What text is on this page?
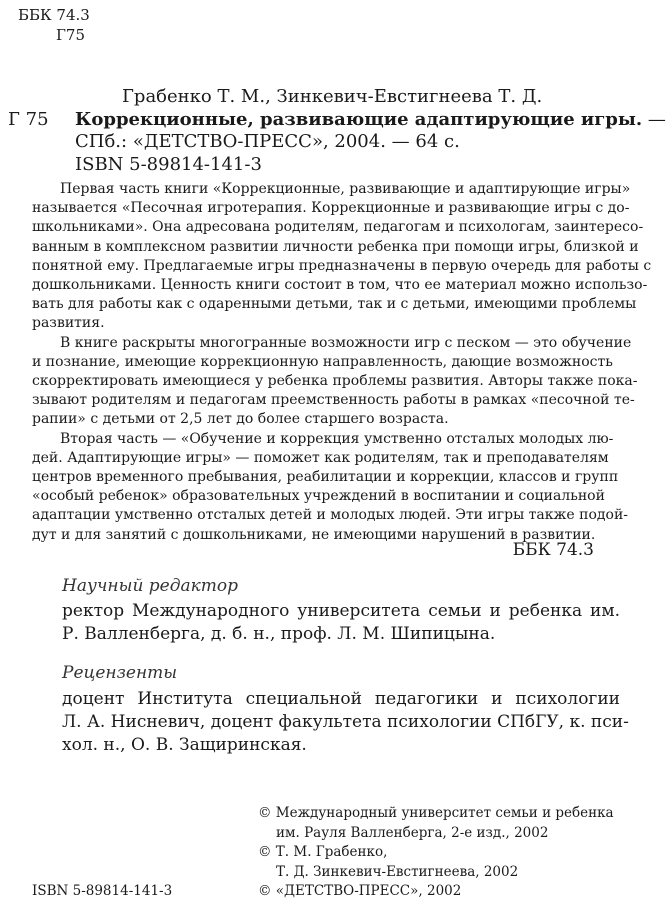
ББК 74.3
Г75
Грабенко Т. М., Зинкевич-Евстигнеева Т. Д.
Г 75 Коррекционные, развивающие адаптирующие игры. —
СПб.: «ДЕТСТВО-ПРЕСС», 2004. — 64 с.
ISBN 5-89814-141-3

Первая часть книги «Коррекционные, развивающие и адаптирующие игры»

называется «Песочная игротерапия. Коррекционные и развивающие игры с до-
школьниками». Она адресована родителям, педагогам и психологам, заинтересо-
ванным в комплексном развитии личности ребенка при помощи игры, близкой и
понятной ему. Предлагаемые игры предназначены в первую очередь для работы с
дошкольниками. Ценность книги состоит в том, что ее материал можно использо-
вать для работы как с одаренными детьми, так и с детьми, имеющими проблемы
развития.

В книге раскрыты многогранные возможности игр с песком — это обучение

и познание, имеющие коррекционную направленность, дающие возможность
скорректировать имеющиеся у ребенка проблемы развития. Авторы также пока-
зывают родителям и педагогам преемственность работы в рамках «песочной те-
рапии» с детьми от 2,5 лет до более старшего возраста.

Вторая часть — «Обучение и коррекция умственно отсталых молодых лю-

дей. Адаптирующие игры» — поможет как родителям, так и преподавателям
центров временного пребывания, реабилитации и коррекции, классов и групп
«особый ребенок» образовательных учреждений в воспитании и социальной
адаптации умственно отсталых детей и молодых людей. Эти игры также подой-
дут и для занятий с дошкольниками, не имеющими нарушений в развитии.
ББК 74.3
Научный редактор
ректор Международного университета семьи и ребенка им.
Р. Валленберга, д. б. н., проф. Л. М. Шипицына.
Рецензенты
доцент Института специальной педагогики и психологии
Л. А. Нисневич, доцент факультета психологии СПбГУ, к. пси-
хол. н., О. В. Защиринская.
© Международный университет семьи и ребенка
им. Рауля Валленберга, 2-е изд., 2002
© Т. М. Грабенко,
Т. Д. Зинкевич-Евстигнеева, 2002
© «ДЕТСТВО-ПРЕСС», 2002
ISBN 5-89814-141-3
